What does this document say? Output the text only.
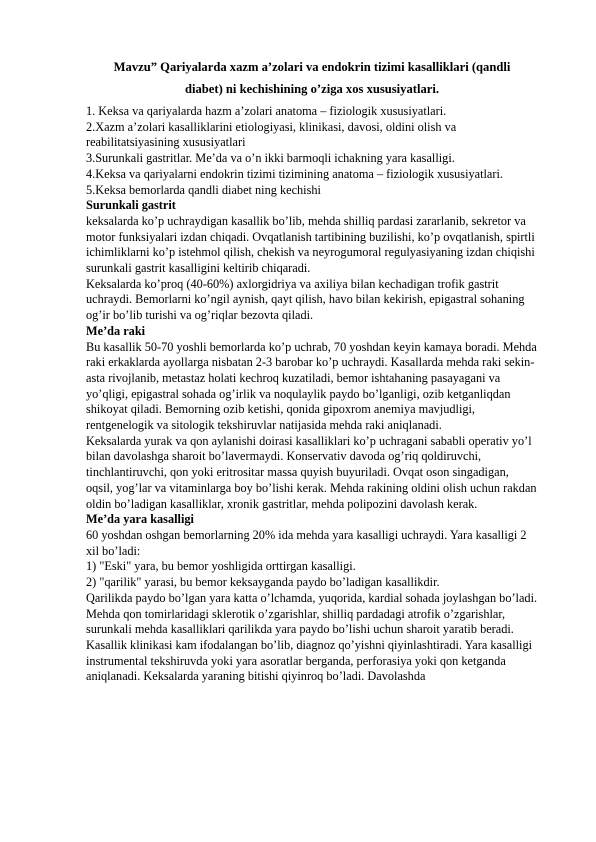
Mavzu” Qariyalarda xazm a’zolari va endokrin tizimi kasalliklari (qandli
diabet) ni kechishining o’ziga xos xususiyatlari.

1. Keksa va qariyalarda hazm a’zolari anatoma – fiziologik xususiyatlari.

2.Xazm a’zolari kasalliklarini etiologiyasi, klinikasi, davosi, oldini olish va reabilitatsiyasining xususiyatlari

3.Surunkali gastritlar. Me’da va o’n ikki barmoqli ichakning yara kasalligi.

4.Keksa va qariyalarni endokrin tizimi tizimining anatoma – fiziologik xususiyatlari.

5.Keksa bemorlarda qandli diabet ning kechishi

Surunkali gastrit

keksalarda ko’p uchraydigan kasallik bo’lib, mehda shilliq pardasi zararlanib, sekretor va motor funksiyalari izdan chiqadi. Ovqatlanish tartibining buzilishi, ko’p ovqatlanish, spirtli ichimliklarni ko’p istehmol qilish, chekish va neyrogumoral regulyasiyaning izdan chiqishi surunkali gastrit kasalligini keltirib chiqaradi.

Keksalarda ko’proq (40-60%) axlorgidriya va axiliya bilan kechadigan trofik gastrit uchraydi. Bemorlarni ko’ngil aynish, qayt qilish, havo bilan kekirish, epigastral sohaning og’ir bo’lib turishi va og’riqlar bezovta qiladi.

Me’da raki

Bu kasallik 50-70 yoshli bemorlarda ko’p uchrab, 70 yoshdan keyin kamaya boradi. Mehda raki erkaklarda ayollarga nisbatan 2-3 barobar ko’p uchraydi. Kasallarda mehda raki sekin-asta rivojlanib, metastaz holati kechroq kuzatiladi, bemor ishtahaning pasayagani va yo’qligi, epigastral sohada og’irlik va noqulaylik paydo bo’lganligi, ozib ketganliqdan shikoyat qiladi. Bemorning ozib ketishi, qonida gipoxrom anemiya mavjudligi, rentgenelogik va sitologik tekshiruvlar natijasida mehda raki aniqlanadi.

Keksalarda yurak va qon aylanishi doirasi kasalliklari ko’p uchragani sababli operativ yo’l bilan davolashga sharoit bo’lavermaydi. Konservativ davoda og’riq qoldiruvchi, tinchlantiruvchi, qon yoki eritrositar massa quyish buyuriladi. Ovqat oson singadigan, oqsil, yog’lar va vitaminlarga boy bo’lishi kerak. Mehda rakining oldini olish uchun rakdan oldin bo’ladigan kasalliklar, xronik gastritlar, mehda polipozini davolash kerak.

Me’da yara kasalligi

60 yoshdan oshgan bemorlarning 20% ida mehda yara kasalligi uchraydi. Yara kasalligi 2 xil bo’ladi:

1) "Eski" yara, bu bemor yoshligida orttirgan kasalligi.

2) "qarilik" yarasi, bu bemor keksayganda paydo bo’ladigan kasallikdir.

Qarilikda paydo bo’lgan yara katta o’lchamda, yuqorida, kardial sohada joylashgan bo’ladi. Mehda qon tomirlaridagi sklerotik o’zgarishlar, shilliq pardadagi atrofik o’zgarishlar, surunkali mehda kasalliklari qarilikda yara paydo bo’lishi uchun sharoit yaratib beradi.

Kasallik klinikasi kam ifodalangan bo’lib, diagnoz qo’yishni qiyinlashtiradi. Yara kasalligi instrumental tekshiruvda yoki yara asoratlar berganda, perforasiya yoki qon ketganda aniqlanadi. Keksalarda yaraning bitishi qiyinroq bo’ladi. Davolashda
